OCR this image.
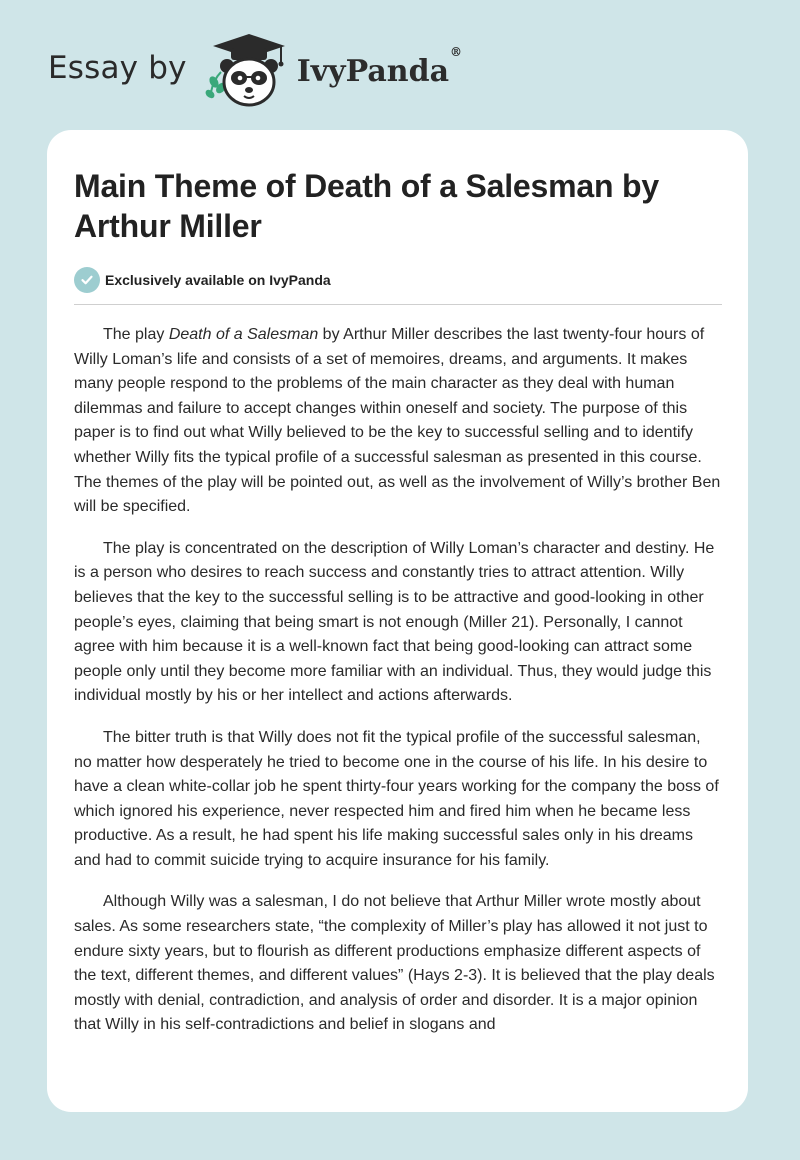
Essay by	IvyPanda®
Main Theme of Death of a Salesman by Arthur Miller
Exclusively available on IvyPanda

The play Death of a Salesman by Arthur Miller describes the last twenty-four hours of Willy Loman’s life and consists of a set of memoires, dreams, and arguments. It makes many people respond to the problems of the main character as they deal with human dilemmas and failure to accept changes within oneself and society. The purpose of this paper is to find out what Willy believed to be the key to successful selling and to identify whether Willy fits the typical profile of a successful salesman as presented in this course. The themes of the play will be pointed out, as well as the involvement of Willy’s brother Ben will be specified.

The play is concentrated on the description of Willy Loman’s character and destiny. He is a person who desires to reach success and constantly tries to attract attention. Willy believes that the key to the successful selling is to be attractive and good-looking in other people’s eyes, claiming that being smart is not enough (Miller 21). Personally, I cannot agree with him because it is a well-known fact that being good-looking can attract some people only until they become more familiar with an individual. Thus, they would judge this individual mostly by his or her intellect and actions afterwards.

The bitter truth is that Willy does not fit the typical profile of the successful salesman, no matter how desperately he tried to become one in the course of his life. In his desire to have a clean white-collar job he spent thirty-four years working for the company the boss of which ignored his experience, never respected him and fired him when he became less productive. As a result, he had spent his life making successful sales only in his dreams and had to commit suicide trying to acquire insurance for his family.

Although Willy was a salesman, I do not believe that Arthur Miller wrote mostly about sales. As some researchers state, “the complexity of Miller’s play has allowed it not just to endure sixty years, but to flourish as different productions emphasize different aspects of the text, different themes, and different values” (Hays 2-3). It is believed that the play deals mostly with denial, contradiction, and analysis of order and disorder. It is a major opinion that Willy in his self-contradictions and belief in slogans and
